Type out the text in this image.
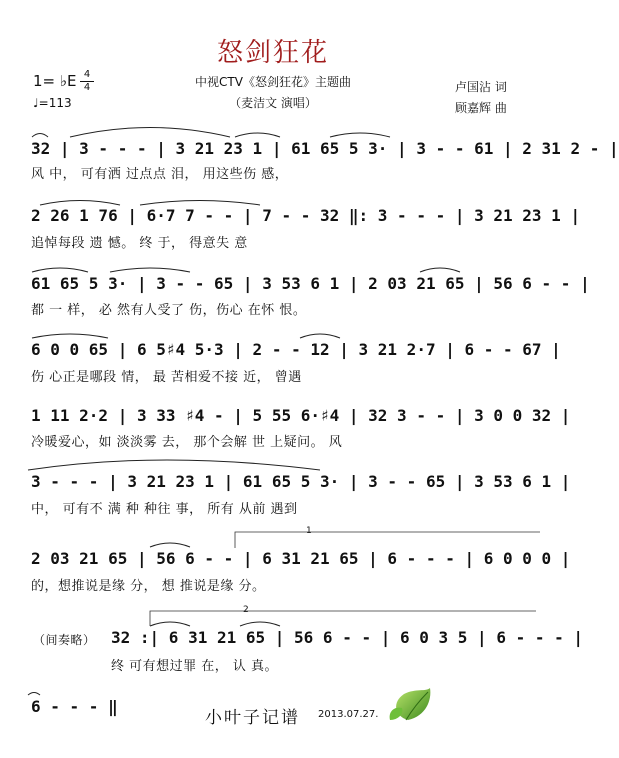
怒剑狂花
1= ♭E 4
4
♩=113
中视CTV《怒剑狂花》主题曲
（麦洁文 演唱）
卢国沾 词
顾嘉辉 曲
32 | 3 - - - | 3 21 23 1 | 61 65 5 3· | 3 - - 61 | 2 31 2 - |
风 中， 可有洒 过点点 泪， 用这些伤 感，
2 26 1 76 | 6·7 7 - - | 7 - - 32 ‖: 3 - - - | 3 21 23 1 |
追悼每段 遗 憾。 终 于， 得意失 意
61 65 5 3· | 3 - - 65 | 3 53 6 1 | 2 03 21 65 | 56 6 - - |
都 一 样， 必 然有人受了 伤，伤心 在怀 恨。
6 0 0 65 | 6 5♯4 5·3 | 2 - - 12 | 3 21 2·7 | 6 - - 67 |
伤 心正是哪段 情， 最 苦相爱不接 近， 曾遇
1 11 2·2 | 3 33 ♯4 - | 5 55 6·♯4 | 32 3 - - | 3 0 0 32 |
冷暖爱心，如 淡淡雾 去， 那个会解 世 上疑问。 风
3 - - - | 3 21 23 1 | 61 65 5 3· | 3 - - 65 | 3 53 6 1 |
中， 可有不 满 种 种往 事， 所有 从前 遇到
2 03 21 65 | 56 6 - - | 6 31 21 65 | 6 - - - | 6 0 0 0 |
的，想推说是缘 分， 想 推说是缘 分。
（间奏略） 32 :| 6 31 21 65 | 56 6 - - | 6 0 3 5 | 6 - - - |
终 可有想过罪 在， 认 真。
6 - - - ‖
1
2
小叶子记谱 2013.07.27.
